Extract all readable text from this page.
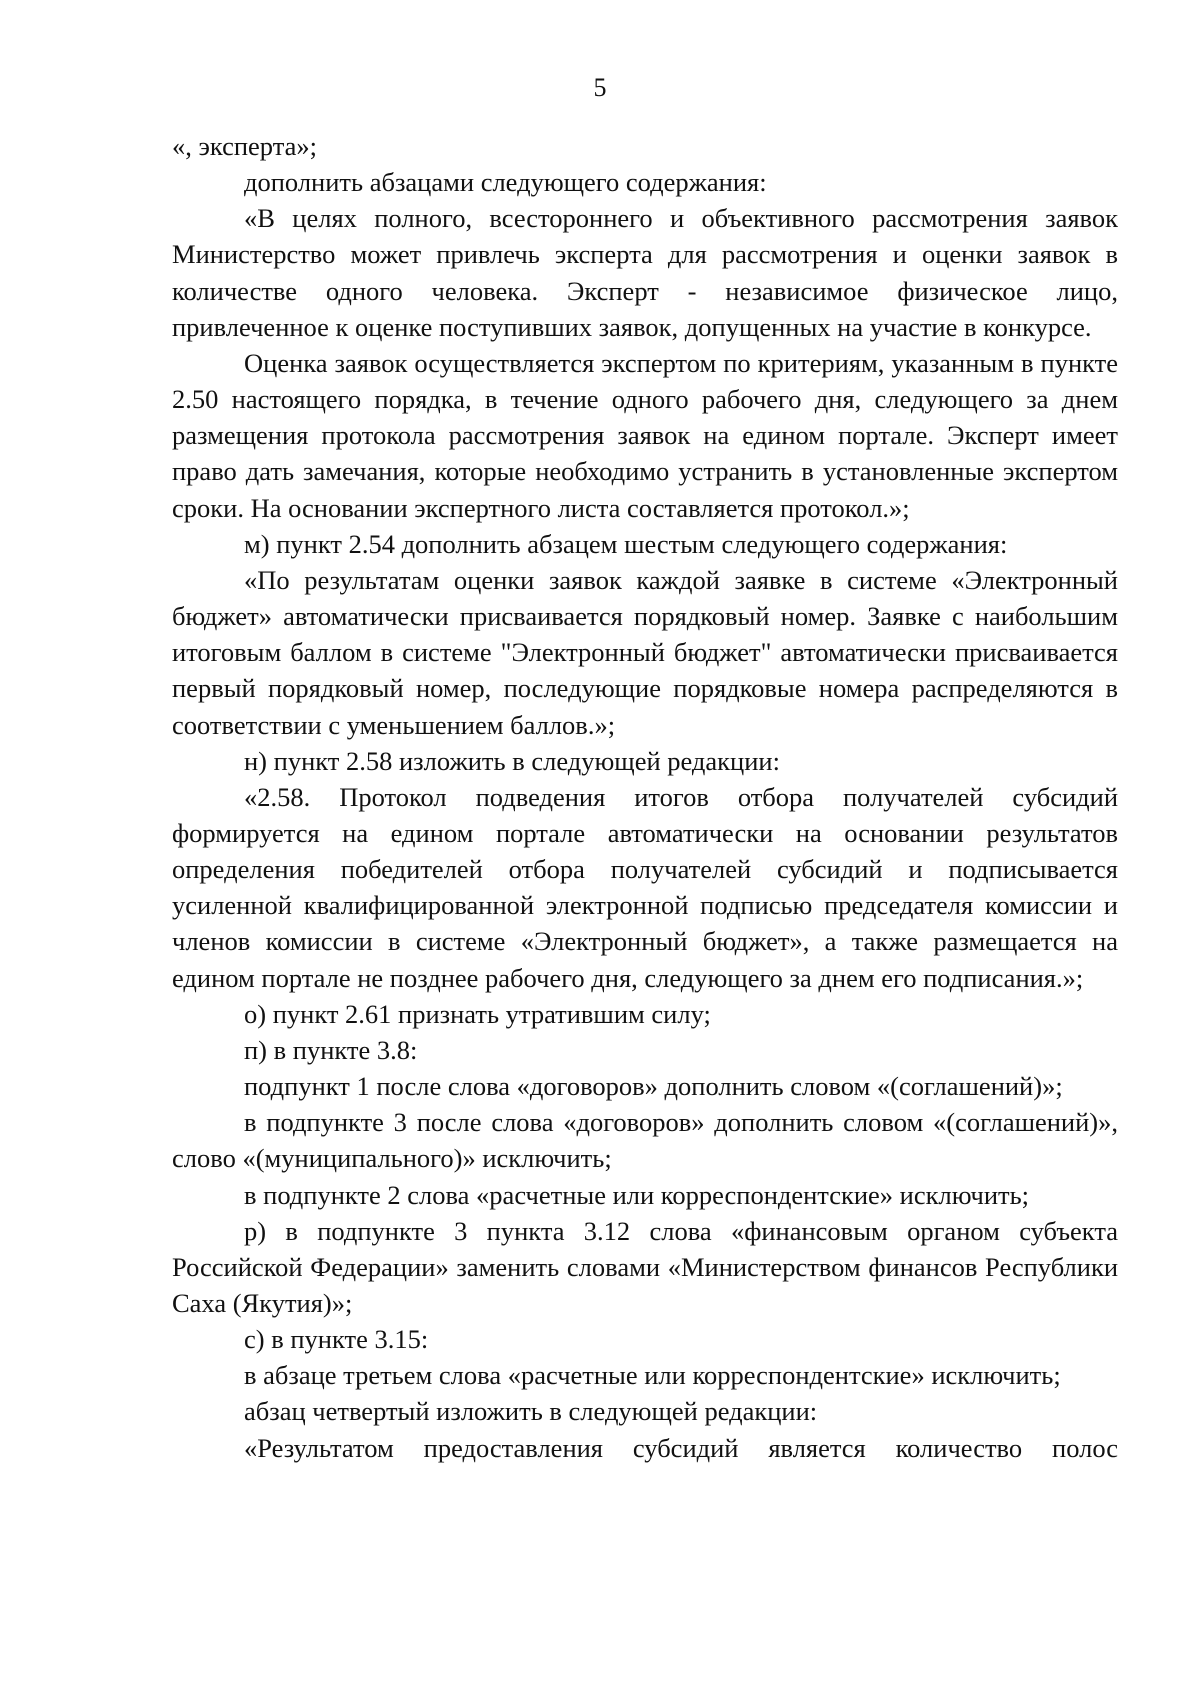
5

«, эксперта»;

дополнить абзацами следующего содержания:

«В целях полного, всестороннего и объективного рассмотрения заявок Министерство может привлечь эксперта для рассмотрения и оценки заявок в количестве одного человека. Эксперт - независимое физическое лицо, привлеченное к оценке поступивших заявок, допущенных на участие в конкурсе.

Оценка заявок осуществляется экспертом по критериям, указанным в пункте 2.50 настоящего порядка, в течение одного рабочего дня, следующего за днем размещения протокола рассмотрения заявок на едином портале. Эксперт имеет право дать замечания, которые необходимо устранить в установленные экспертом сроки. На основании экспертного листа составляется протокол.»;

м) пункт 2.54 дополнить абзацем шестым следующего содержания:

«По результатам оценки заявок каждой заявке в системе «Электронный бюджет» автоматически присваивается порядковый номер. Заявке с наибольшим итоговым баллом в системе "Электронный бюджет" автоматически присваивается первый порядковый номер, последующие порядковые номера распределяются в соответствии с уменьшением баллов.»;

н) пункт 2.58 изложить в следующей редакции:

«2.58. Протокол подведения итогов отбора получателей субсидий формируется на едином портале автоматически на основании результатов определения победителей отбора получателей субсидий и подписывается усиленной квалифицированной электронной подписью председателя комиссии и членов комиссии в системе «Электронный бюджет», а также размещается на едином портале не позднее рабочего дня, следующего за днем его подписания.»;

о) пункт 2.61 признать утратившим силу;

п) в пункте 3.8:

подпункт 1 после слова «договоров» дополнить словом «(соглашений)»;

в подпункте 3 после слова «договоров» дополнить словом «(соглашений)», слово «(муниципального)» исключить;

в подпункте 2 слова «расчетные или корреспондентские» исключить;

р) в подпункте 3 пункта 3.12 слова «финансовым органом субъекта Российской Федерации» заменить словами «Министерством финансов Республики Саха (Якутия)»;

с) в пункте 3.15:

в абзаце третьем слова «расчетные или корреспондентские» исключить;

абзац четвертый изложить в следующей редакции:

«Результатом предоставления субсидий является количество полос
